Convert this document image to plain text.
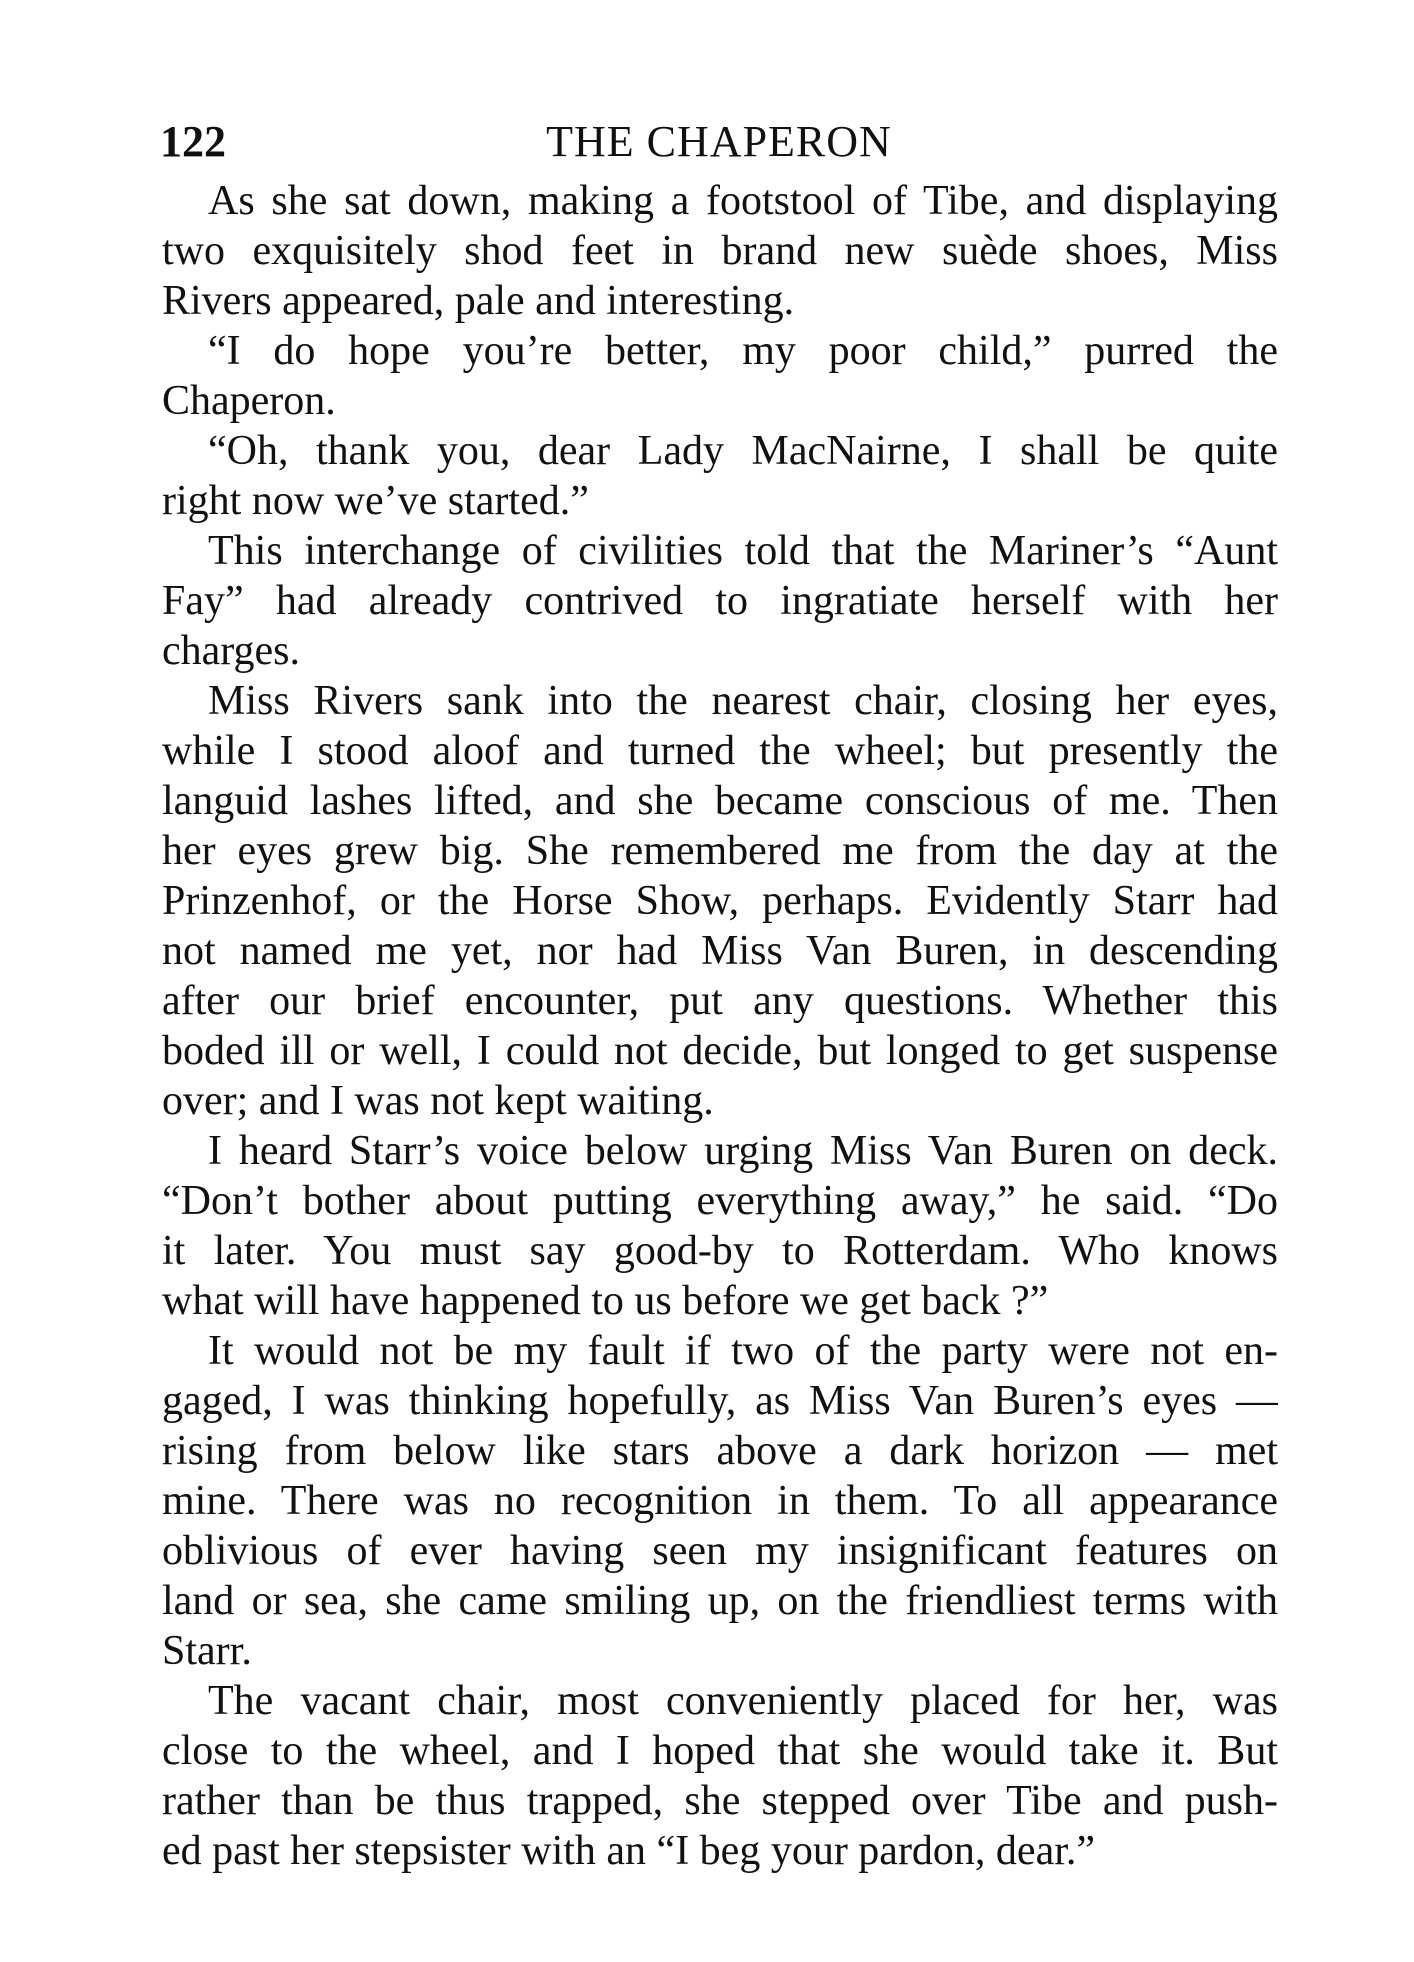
122	THE CHAPERON
As she sat down, making a footstool of Tibe, and displaying
two exquisitely shod feet in brand new suède shoes, Miss
Rivers appeared, pale and interesting.
“I do hope you’re better, my poor child,” purred the
Chaperon.
“Oh, thank you, dear Lady MacNairne, I shall be quite
right now we’ve started.”
This interchange of civilities told that the Mariner’s “Aunt
Fay” had already contrived to ingratiate herself with her
charges.
Miss Rivers sank into the nearest chair, closing her eyes,
while I stood aloof and turned the wheel; but presently the
languid lashes lifted, and she became conscious of me. Then
her eyes grew big. She remembered me from the day at the
Prinzenhof, or the Horse Show, perhaps. Evidently Starr had
not named me yet, nor had Miss Van Buren, in descending
after our brief encounter, put any questions. Whether this
boded ill or well, I could not decide, but longed to get suspense
over; and I was not kept waiting.
I heard Starr’s voice below urging Miss Van Buren on deck.
“Don’t bother about putting everything away,” he said. “Do
it later. You must say good-by to Rotterdam. Who knows
what will have happened to us before we get back ?”
It would not be my fault if two of the party were not en-
gaged, I was thinking hopefully, as Miss Van Buren’s eyes —
rising from below like stars above a dark horizon — met
mine. There was no recognition in them. To all appearance
oblivious of ever having seen my insignificant features on
land or sea, she came smiling up, on the friendliest terms with
Starr.
The vacant chair, most conveniently placed for her, was
close to the wheel, and I hoped that she would take it. But
rather than be thus trapped, she stepped over Tibe and push-
ed past her stepsister with an “I beg your pardon, dear.”
